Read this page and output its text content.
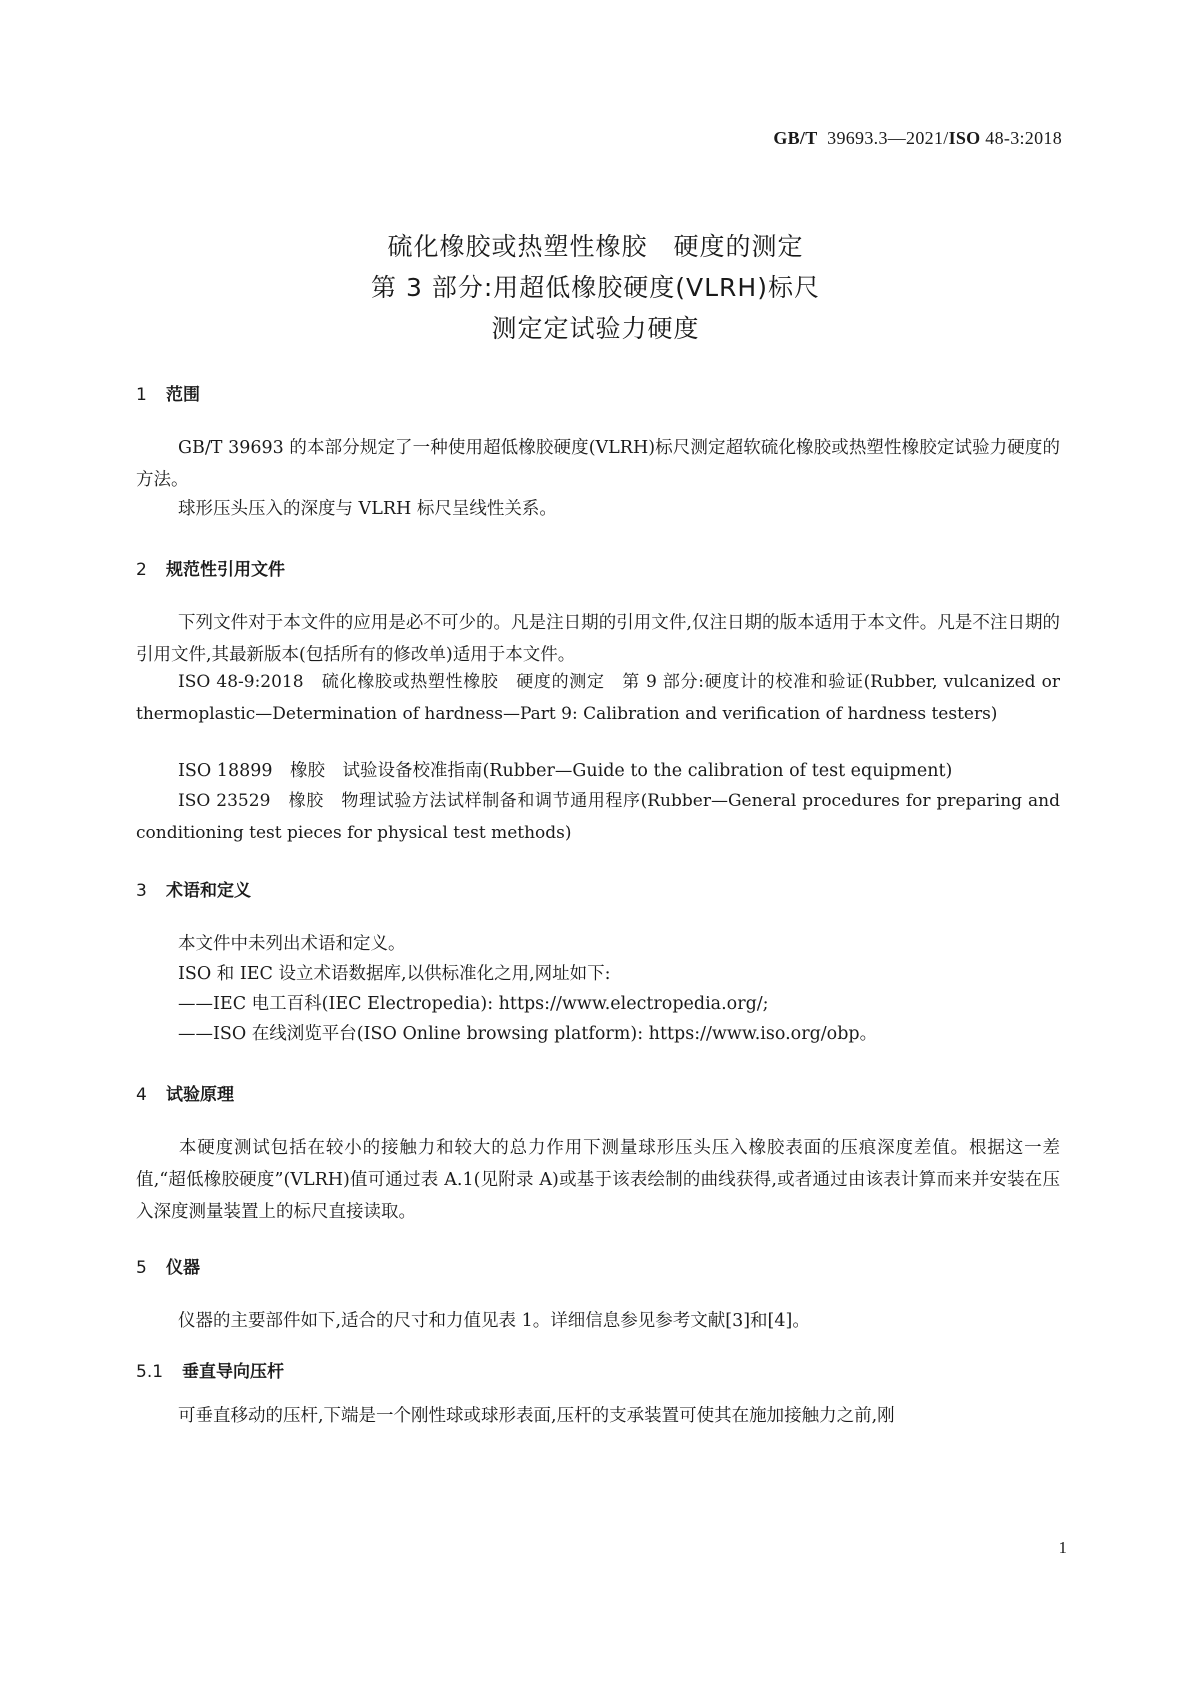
GB/T 39693.3—2021/ISO 48-3:2018
硫化橡胶或热塑性橡胶　硬度的测定
第 3 部分:用超低橡胶硬度(VLRH)标尺
测定定试验力硬度
1 范围
GB/T 39693 的本部分规定了一种使用超低橡胶硬度(VLRH)标尺测定超软硫化橡胶或热塑性橡胶定试验力硬度的方法。
球形压头压入的深度与 VLRH 标尺呈线性关系。
2 规范性引用文件
下列文件对于本文件的应用是必不可少的。凡是注日期的引用文件,仅注日期的版本适用于本文件。凡是不注日期的引用文件,其最新版本(包括所有的修改单)适用于本文件。
ISO 48-9:2018　硫化橡胶或热塑性橡胶　硬度的测定　第 9 部分:硬度计的校准和验证(Rubber, vulcanized or thermoplastic—Determination of hardness—Part 9: Calibration and verification of hardness testers)
ISO 18899　橡胶　试验设备校准指南(Rubber—Guide to the calibration of test equipment)
ISO 23529　橡胶　物理试验方法试样制备和调节通用程序(Rubber—General procedures for preparing and conditioning test pieces for physical test methods)
3 术语和定义
本文件中未列出术语和定义。
ISO 和 IEC 设立术语数据库,以供标准化之用,网址如下:
——IEC 电工百科(IEC Electropedia): https://www.electropedia.org/;
——ISO 在线浏览平台(ISO Online browsing platform): https://www.iso.org/obp。
4 试验原理
本硬度测试包括在较小的接触力和较大的总力作用下测量球形压头压入橡胶表面的压痕深度差值。根据这一差值,“超低橡胶硬度”(VLRH)值可通过表 A.1(见附录 A)或基于该表绘制的曲线获得,或者通过由该表计算而来并安装在压入深度测量装置上的标尺直接读取。
5 仪器
仪器的主要部件如下,适合的尺寸和力值见表 1。详细信息参见参考文献[3]和[4]。
5.1 垂直导向压杆
可垂直移动的压杆,下端是一个刚性球或球形表面,压杆的支承装置可使其在施加接触力之前,刚
1
